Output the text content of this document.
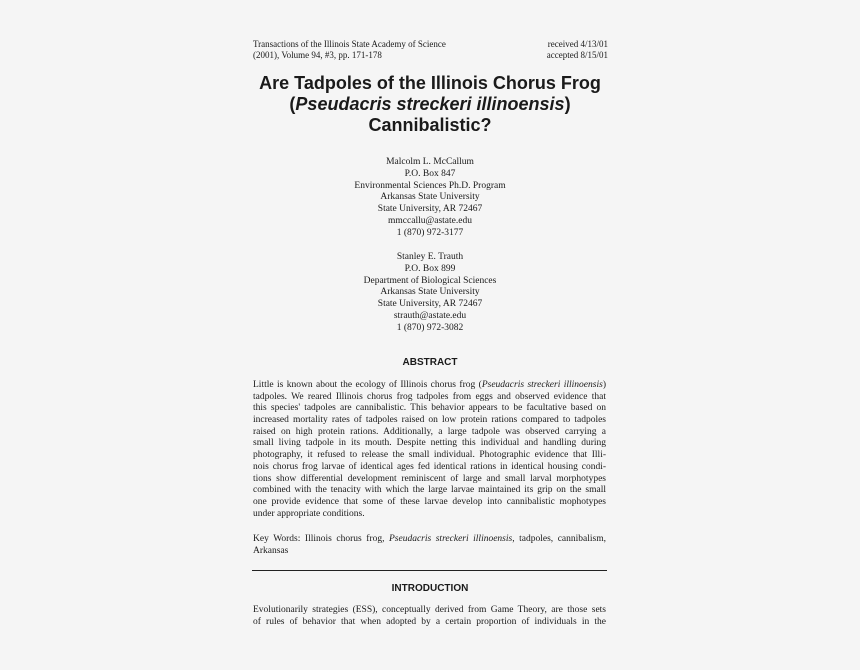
Transactions of the Illinois State Academy of Science
(2001), Volume 94, #3, pp. 171-178
received 4/13/01
accepted 8/15/01
Are Tadpoles of the Illinois Chorus Frog
(Pseudacris streckeri illinoensis)
Cannibalistic?
Malcolm L. McCallum
P.O. Box 847
Environmental Sciences Ph.D. Program
Arkansas State University
State University, AR 72467
mmccallu@astate.edu
1 (870) 972-3177
Stanley E. Trauth
P.O. Box 899
Department of Biological Sciences
Arkansas State University
State University, AR 72467
strauth@astate.edu
1 (870) 972-3082
ABSTRACT
Little is known about the ecology of Illinois chorus frog (Pseudacris streckeri illinoensis)
tadpoles. We reared Illinois chorus frog tadpoles from eggs and observed evidence that
this species' tadpoles are cannibalistic. This behavior appears to be facultative based on
increased mortality rates of tadpoles raised on low protein rations compared to tadpoles
raised on high protein rations. Additionally, a large tadpole was observed carrying a
small living tadpole in its mouth. Despite netting this individual and handling during
photography, it refused to release the small individual. Photographic evidence that Illi-
nois chorus frog larvae of identical ages fed identical rations in identical housing condi-
tions show differential development reminiscent of large and small larval morphotypes
combined with the tenacity with which the large larvae maintained its grip on the small
one provide evidence that some of these larvae develop into cannibalistic mophotypes
under appropriate conditions.
Key Words: Illinois chorus frog, Pseudacris streckeri illinoensis, tadpoles, cannibalism,
Arkansas
INTRODUCTION
Evolutionarily strategies (ESS), conceptually derived from Game Theory, are those sets
of rules of behavior that when adopted by a certain proportion of individuals in the
